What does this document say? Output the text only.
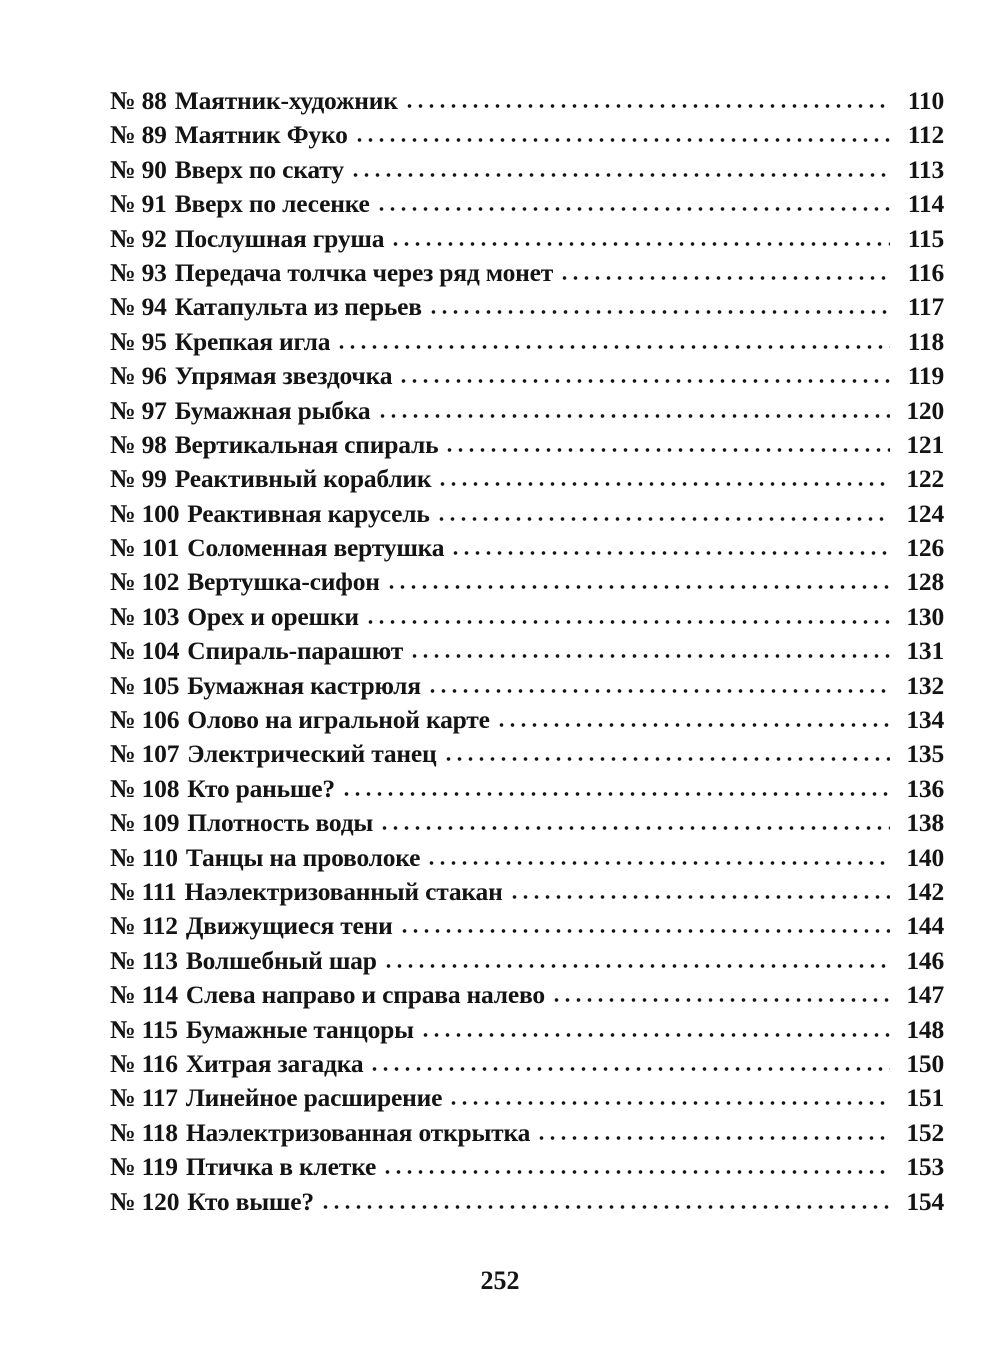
№ 88 Маятник-художник	110
№ 89 Маятник Фуко	112
№ 90 Вверх по скату	113
№ 91 Вверх по лесенке	114
№ 92 Послушная груша	115
№ 93 Передача толчка через ряд монет	116
№ 94 Катапульта из перьев	117
№ 95 Крепкая игла	118
№ 96 Упрямая звездочка	119
№ 97 Бумажная рыбка	120
№ 98 Вертикальная спираль	121
№ 99 Реактивный кораблик	122
№ 100 Реактивная карусель	124
№ 101 Соломенная вертушка	126
№ 102 Вертушка-сифон	128
№ 103 Орех и орешки	130
№ 104 Спираль-парашют	131
№ 105 Бумажная кастрюля	132
№ 106 Олово на игральной карте	134
№ 107 Электрический танец	135
№ 108 Кто раньше?	136
№ 109 Плотность воды	138
№ 110 Танцы на проволоке	140
№ 111 Наэлектризованный стакан	142
№ 112 Движущиеся тени	144
№ 113 Волшебный шар	146
№ 114 Слева направо и справа налево	147
№ 115 Бумажные танцоры	148
№ 116 Хитрая загадка	150
№ 117 Линейное расширение	151
№ 118 Наэлектризованная открытка	152
№ 119 Птичка в клетке	153
№ 120 Кто выше?	154
252
